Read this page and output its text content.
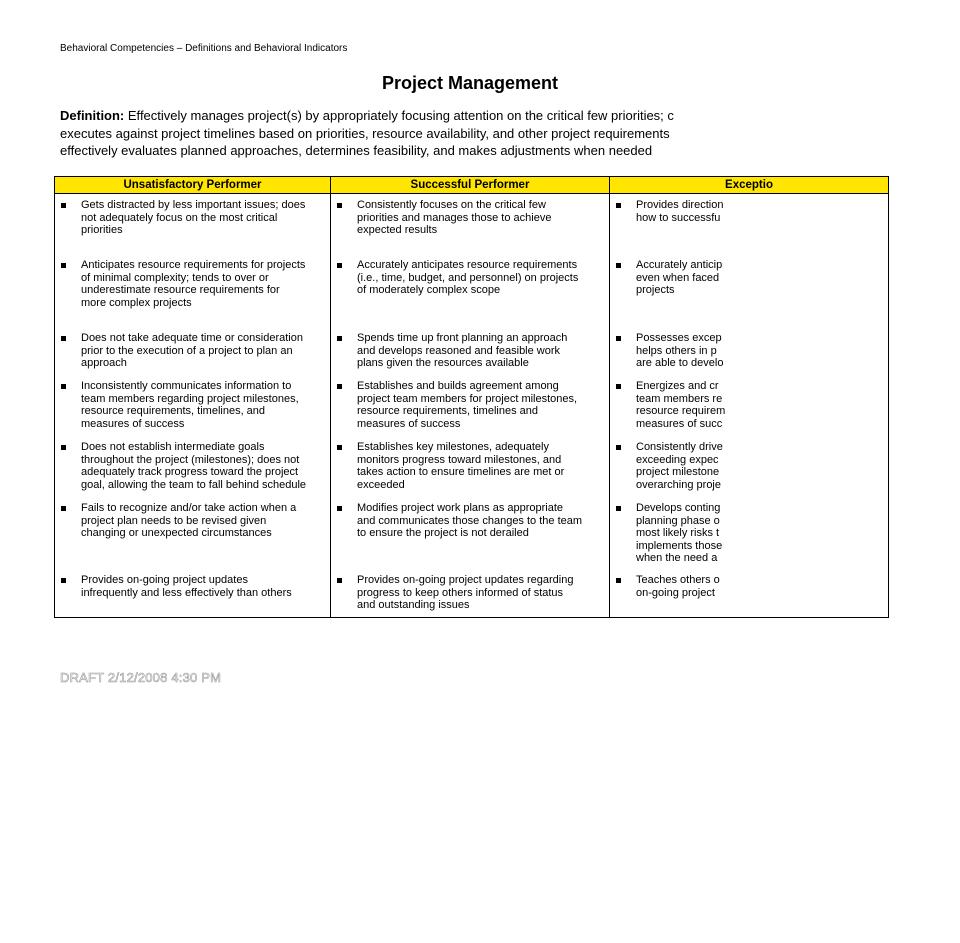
Behavioral Competencies – Definitions and Behavioral Indicators
Project Management
Definition: Effectively manages project(s) by appropriately focusing attention on the critical few priorities; c
executes against project timelines based on priorities, resource availability, and other project requirements
effectively evaluates planned approaches, determines feasibility, and makes adjustments when needed
Unsatisfactory Performer	Successful Performer	Exceptio
Gets distracted by less important issues; does
not adequately focus on the most critical
priorities
Consistently focuses on the critical few
priorities and manages those to achieve
expected results
Provides direction
how to successfu
Anticipates resource requirements for projects
of minimal complexity; tends to over or
underestimate resource requirements for
more complex projects
Accurately anticipates resource requirements
(i.e., time, budget, and personnel) on projects
of moderately complex scope
Accurately anticip
even when faced
projects
Does not take adequate time or consideration
prior to the execution of a project to plan an
approach
Spends time up front planning an approach
and develops reasoned and feasible work
plans given the resources available
Possesses excep
helps others in p
are able to develo
Inconsistently communicates information to
team members regarding project milestones,
resource requirements, timelines, and
measures of success
Establishes and builds agreement among
project team members for project milestones,
resource requirements, timelines and
measures of success
Energizes and cr
team members re
resource requirem
measures of succ
Does not establish intermediate goals
throughout the project (milestones); does not
adequately track progress toward the project
goal, allowing the team to fall behind schedule
Establishes key milestones, adequately
monitors progress toward milestones, and
takes action to ensure timelines are met or
exceeded
Consistently drive
exceeding expec
project milestone
overarching proje
Fails to recognize and/or take action when a
project plan needs to be revised given
changing or unexpected circumstances
Modifies project work plans as appropriate
and communicates those changes to the team
to ensure the project is not derailed
Develops conting
planning phase o
most likely risks t
implements those
when the need a
Provides on-going project updates
infrequently and less effectively than others
Provides on-going project updates regarding
progress to keep others informed of status
and outstanding issues
Teaches others o
on-going project
DRAFT 2/12/2008 4:30 PM
